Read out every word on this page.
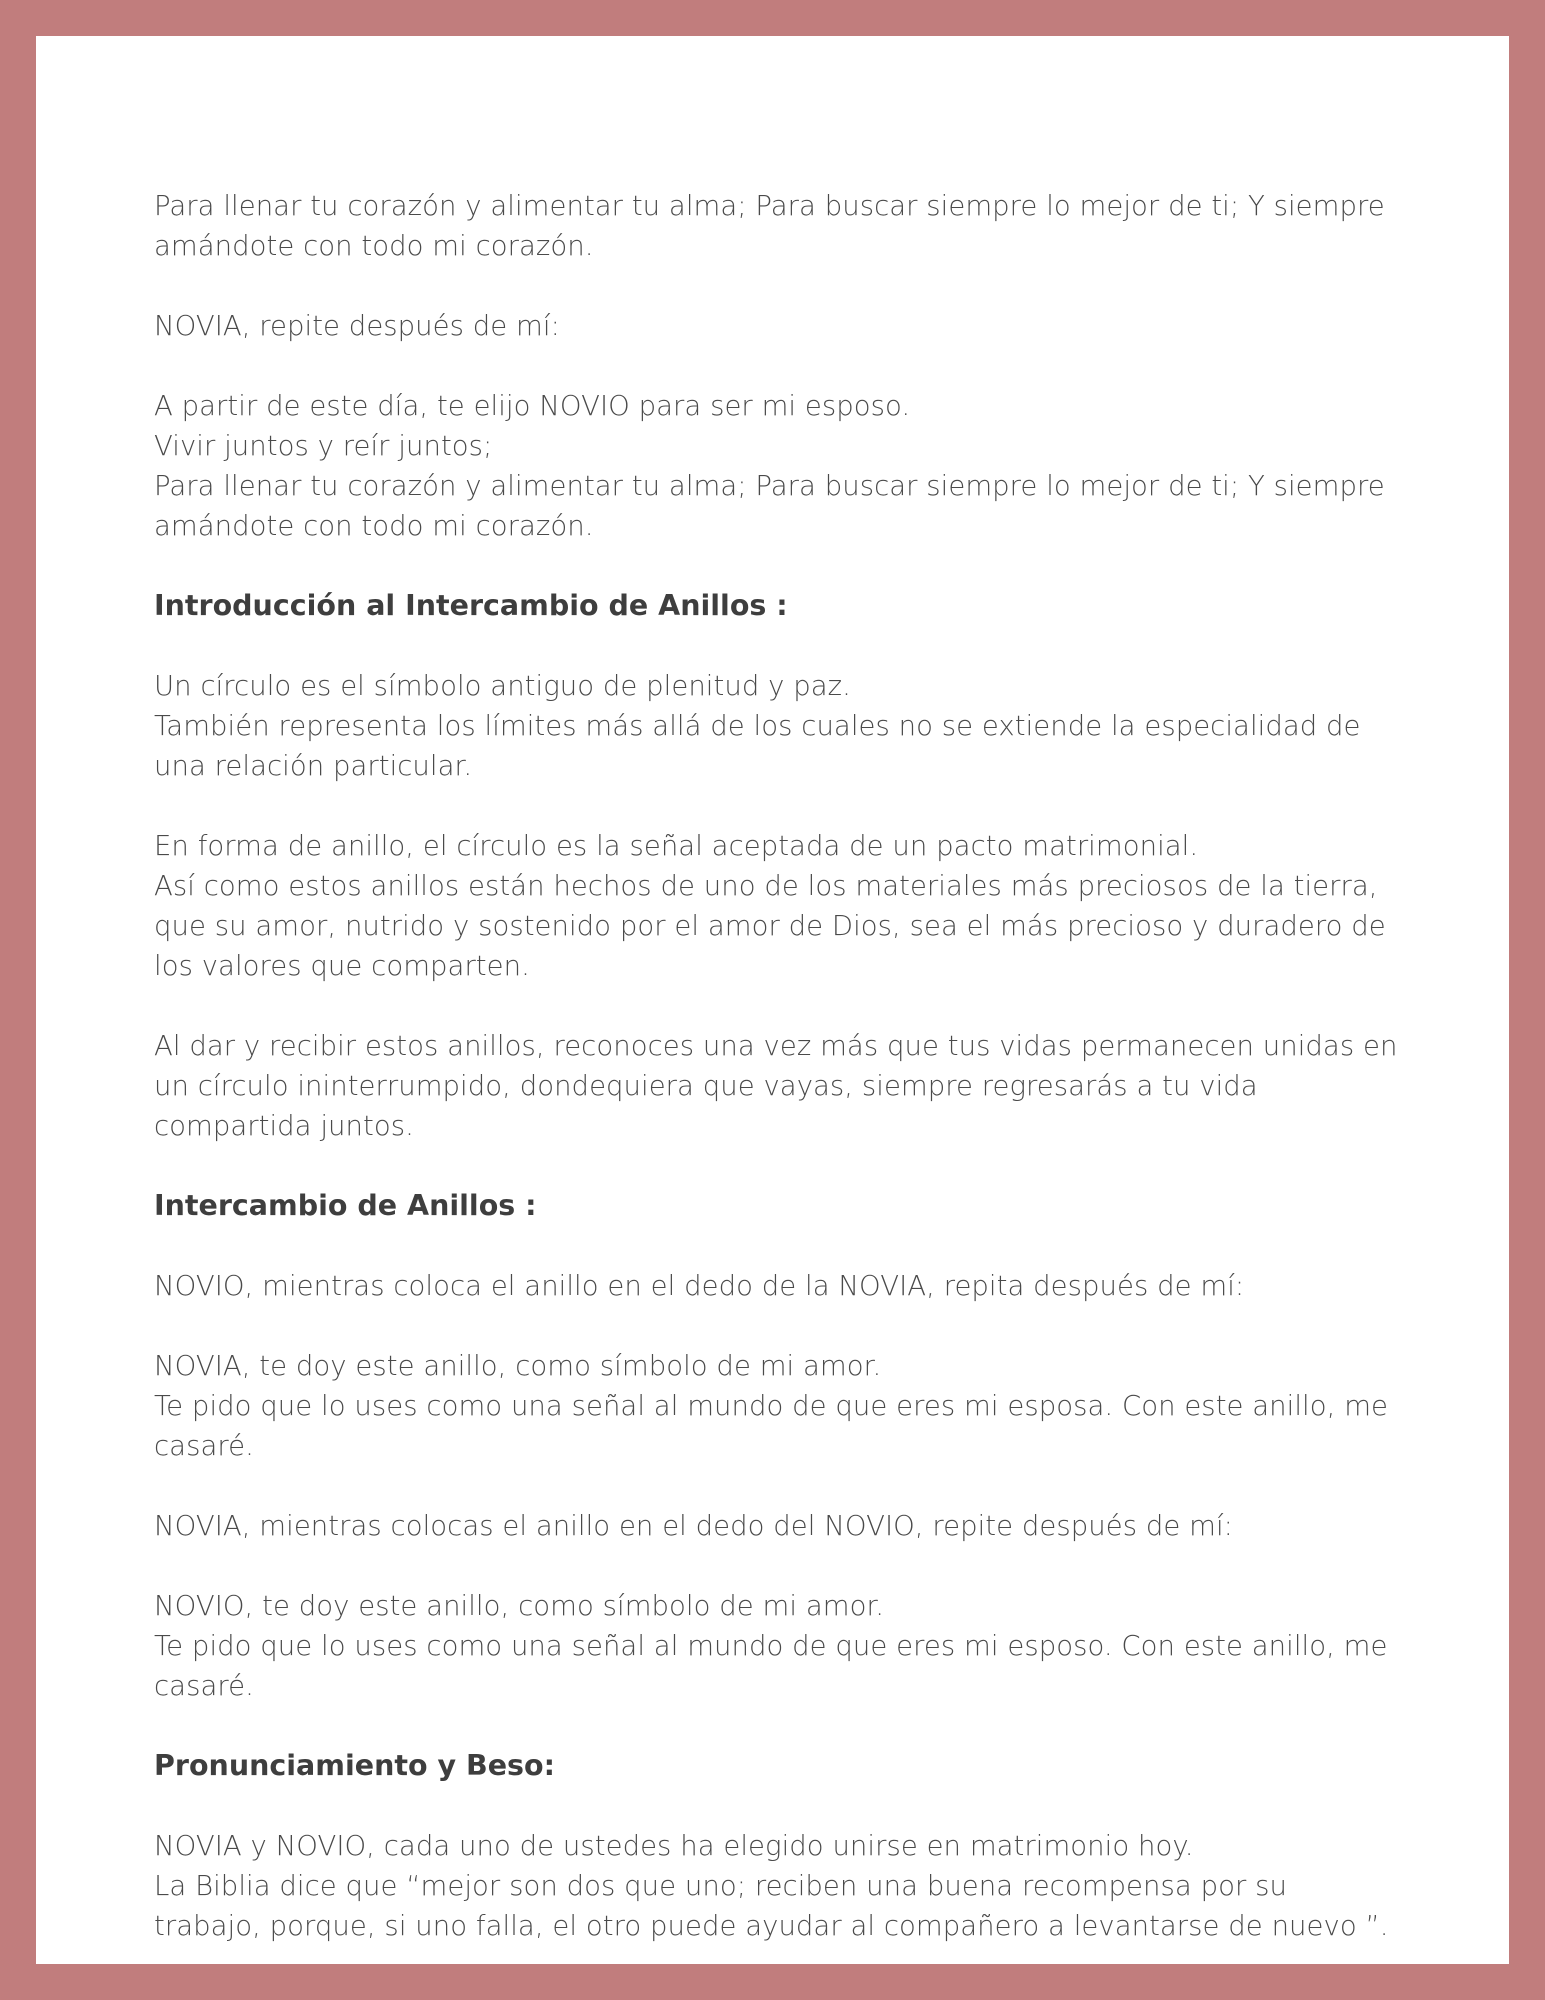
Para llenar tu corazón y alimentar tu alma; Para buscar siempre lo mejor de ti; Y siempre amándote con todo mi corazón.

NOVIA, repite después de mí:

A partir de este día, te elijo NOVIO para ser mi esposo.
Vivir juntos y reír juntos;
Para llenar tu corazón y alimentar tu alma; Para buscar siempre lo mejor de ti; Y siempre amándote con todo mi corazón.

Introducción al Intercambio de Anillos :

Un círculo es el símbolo antiguo de plenitud y paz.
También representa los límites más allá de los cuales no se extiende la especialidad de una relación particular.

En forma de anillo, el círculo es la señal aceptada de un pacto matrimonial.
Así como estos anillos están hechos de uno de los materiales más preciosos de la tierra, que su amor, nutrido y sostenido por el amor de Dios, sea el más precioso y duradero de los valores que comparten.

Al dar y recibir estos anillos, reconoces una vez más que tus vidas permanecen unidas en un círculo ininterrumpido, dondequiera que vayas, siempre regresarás a tu vida compartida juntos.

Intercambio de Anillos :

NOVIO, mientras coloca el anillo en el dedo de la NOVIA, repita después de mí:

NOVIA, te doy este anillo, como símbolo de mi amor.
Te pido que lo uses como una señal al mundo de que eres mi esposa. Con este anillo, me casaré.

NOVIA, mientras colocas el anillo en el dedo del NOVIO, repite después de mí:

NOVIO, te doy este anillo, como símbolo de mi amor.
Te pido que lo uses como una señal al mundo de que eres mi esposo. Con este anillo, me casaré.

Pronunciamiento y Beso:

NOVIA y NOVIO, cada uno de ustedes ha elegido unirse en matrimonio hoy.
La Biblia dice que “mejor son dos que uno; reciben una buena recompensa por su trabajo, porque, si uno falla, el otro puede ayudar al compañero a levantarse de nuevo ”.
